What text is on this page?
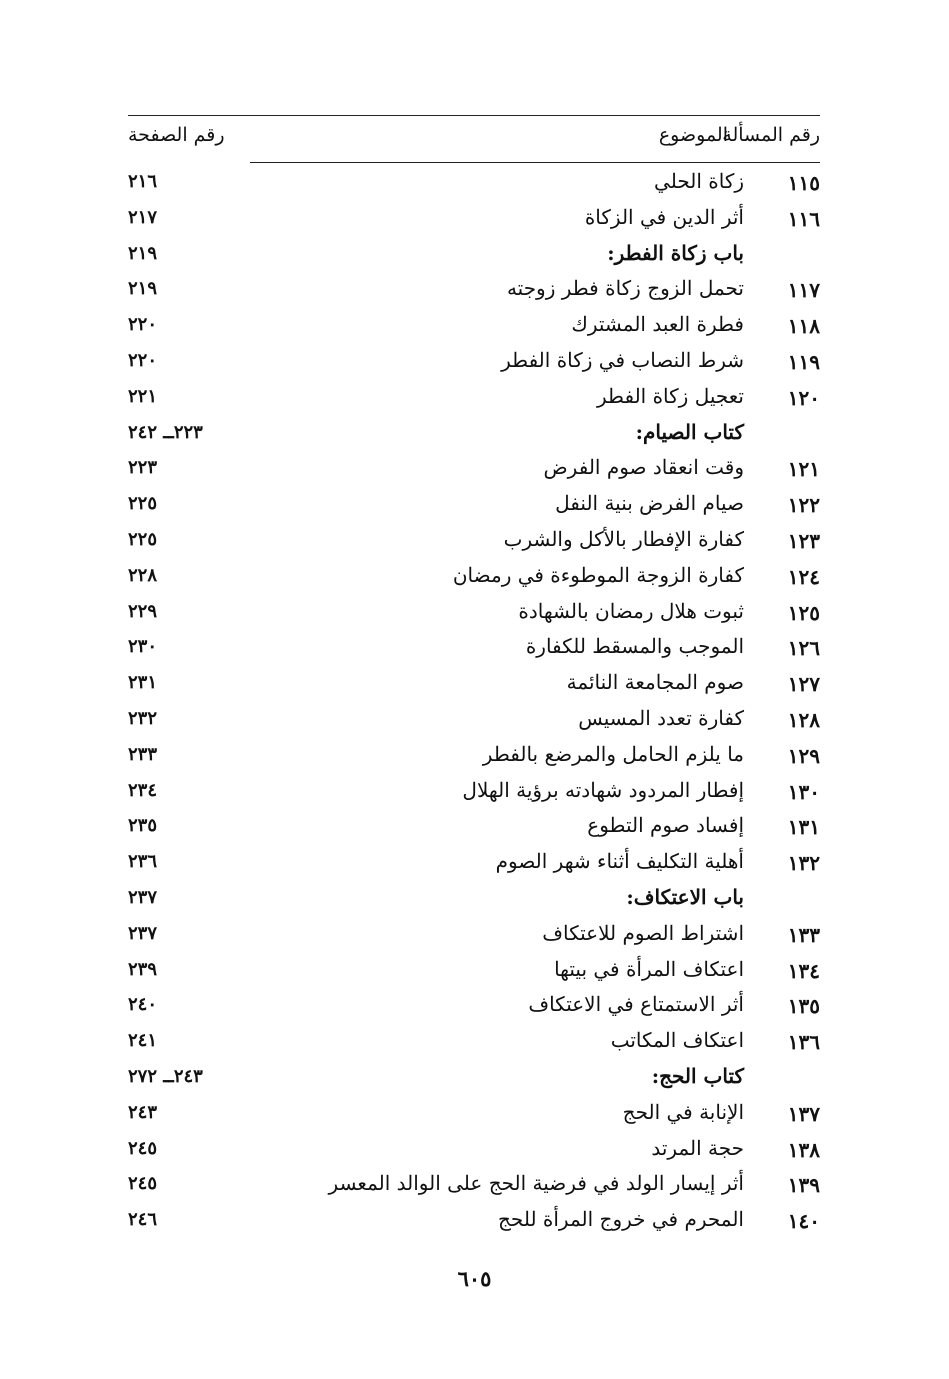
رقم المسألة
الموضوع
رقم الصفحة
١١٥
زكاة الحلي
٢١٦
١١٦
أثر الدين في الزكاة
٢١٧
باب زكاة الفطر:
٢١٩
١١٧
تحمل الزوج زكاة فطر زوجته
٢١٩
١١٨
فطرة العبد المشترك
٢٢٠
١١٩
شرط النصاب في زكاة الفطر
٢٢٠
١٢٠
تعجيل زكاة الفطر
٢٢١
كتاب الصيام:
٢٢٣ــ ٢٤٢
١٢١
وقت انعقاد صوم الفرض
٢٢٣
١٢٢
صيام الفرض بنية النفل
٢٢٥
١٢٣
كفارة الإفطار بالأكل والشرب
٢٢٥
١٢٤
كفارة الزوجة الموطوءة في رمضان
٢٢٨
١٢٥
ثبوت هلال رمضان بالشهادة
٢٢٩
١٢٦
الموجب والمسقط للكفارة
٢٣٠
١٢٧
صوم المجامعة النائمة
٢٣١
١٢٨
كفارة تعدد المسيس
٢٣٢
١٢٩
ما يلزم الحامل والمرضع بالفطر
٢٣٣
١٣٠
إفطار المردود شهادته برؤية الهلال
٢٣٤
١٣١
إفساد صوم التطوع
٢٣٥
١٣٢
أهلية التكليف أثناء شهر الصوم
٢٣٦
باب الاعتكاف:
٢٣٧
١٣٣
اشتراط الصوم للاعتكاف
٢٣٧
١٣٤
اعتكاف المرأة في بيتها
٢٣٩
١٣٥
أثر الاستمتاع في الاعتكاف
٢٤٠
١٣٦
اعتكاف المكاتب
٢٤١
كتاب الحج:
٢٤٣ــ ٢٧٢
١٣٧
الإنابة في الحج
٢٤٣
١٣٨
حجة المرتد
٢٤٥
١٣٩
أثر إيسار الولد في فرضية الحج على الوالد المعسر
٢٤٥
١٤٠
المحرم في خروج المرأة للحج
٢٤٦
٦٠٥
